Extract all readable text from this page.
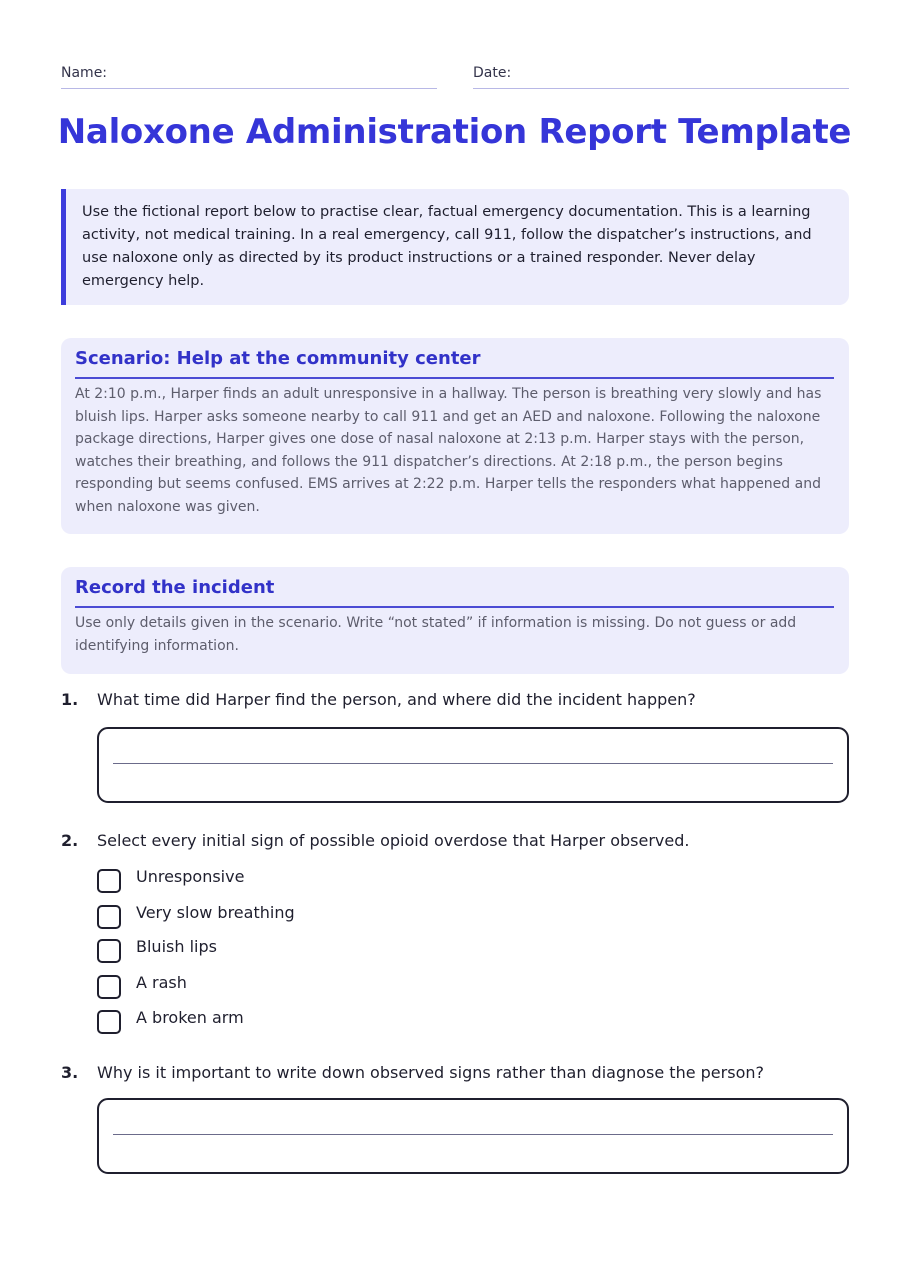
Name:	Date:
Naloxone Administration Report Template
Use the fictional report below to practise clear, factual emergency documentation. This is a learning activity, not medical training. In a real emergency, call 911, follow the dispatcher’s instructions, and use naloxone only as directed by its product instructions or a trained responder. Never delay emergency help.
Scenario: Help at the community center

At 2:10 p.m., Harper finds an adult unresponsive in a hallway. The person is breathing very slowly and has bluish lips. Harper asks someone nearby to call 911 and get an AED and naloxone. Following the naloxone package directions, Harper gives one dose of nasal naloxone at 2:13 p.m. Harper stays with the person, watches their breathing, and follows the 911 dispatcher’s directions. At 2:18 p.m., the person begins responding but seems confused. EMS arrives at 2:22 p.m. Harper tells the responders what happened and when naloxone was given.

Record the incident

Use only details given in the scenario. Write “not stated” if information is missing. Do not guess or add identifying information.

1. What time did Harper find the person, and where did the incident happen?
2. Select every initial sign of possible opioid overdose that Harper observed.
Unresponsive
Very slow breathing
Bluish lips
A rash
A broken arm
3. Why is it important to write down observed signs rather than diagnose the person?
